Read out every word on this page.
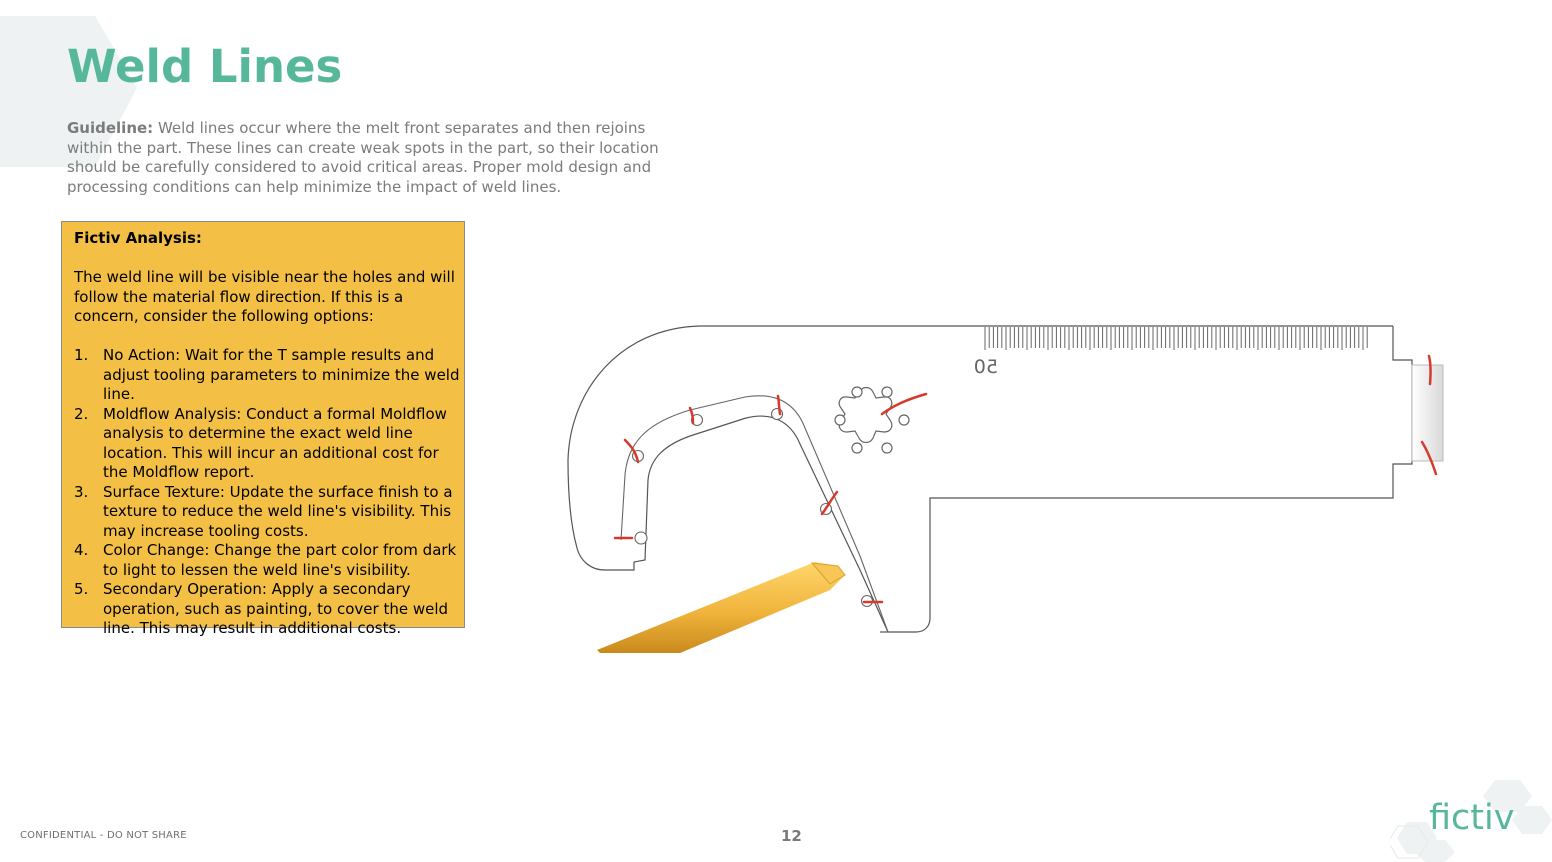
Weld Lines

Guideline: Weld lines occur where the melt front separates and then rejoins within the part. These lines can create weak spots in the part, so their location should be carefully considered to avoid critical areas. Proper mold design and processing conditions can help minimize the impact of weld lines.

Fictiv Analysis:

The weld line will be visible near the holes and will follow the material flow direction. If this is a concern, consider the following options:

1. No Action: Wait for the T sample results and adjust tooling parameters to minimize the weld line.
2. Moldflow Analysis: Conduct a formal Moldflow analysis to determine the exact weld line location. This will incur an additional cost for the Moldflow report.
3. Surface Texture: Update the surface finish to a texture to reduce the weld line's visibility. This may increase tooling costs.
4. Color Change: Change the part color from dark to light to lessen the weld line's visibility.
5. Secondary Operation: Apply a secondary operation, such as painting, to cover the weld line. This may result in additional costs.
50
CONFIDENTIAL - DO NOT SHARE	12	fictiv
